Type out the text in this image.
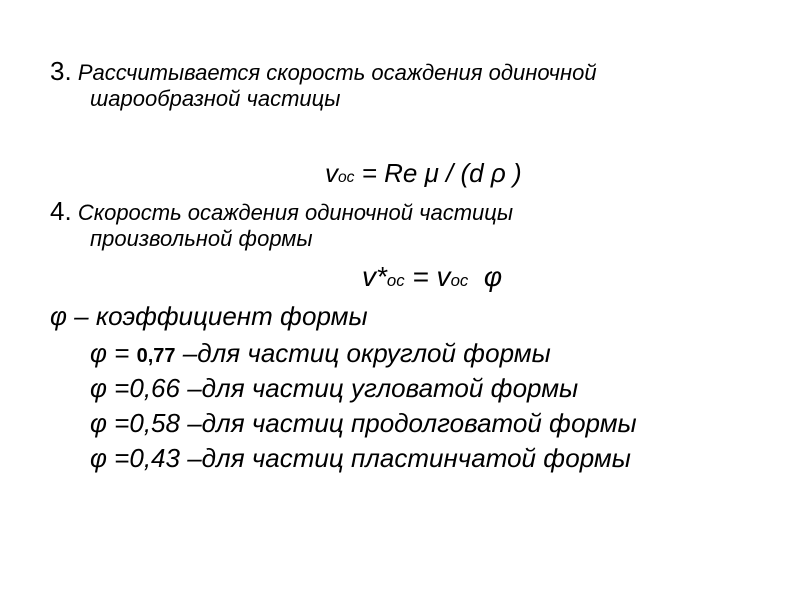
3. Рассчитывается скорость осаждения одиночной
шарообразной частицы
vос = Re μ / (d ρ )
4. Скорость осаждения одиночной частицы
произвольной формы
v*ос = vос φ
φ – коэффициент формы
φ = 0,77 –для частиц округлой формы
φ =0,66 –для частиц угловатой формы
φ =0,58 –для частиц продолговатой формы
φ =0,43 –для частиц пластинчатой формы
